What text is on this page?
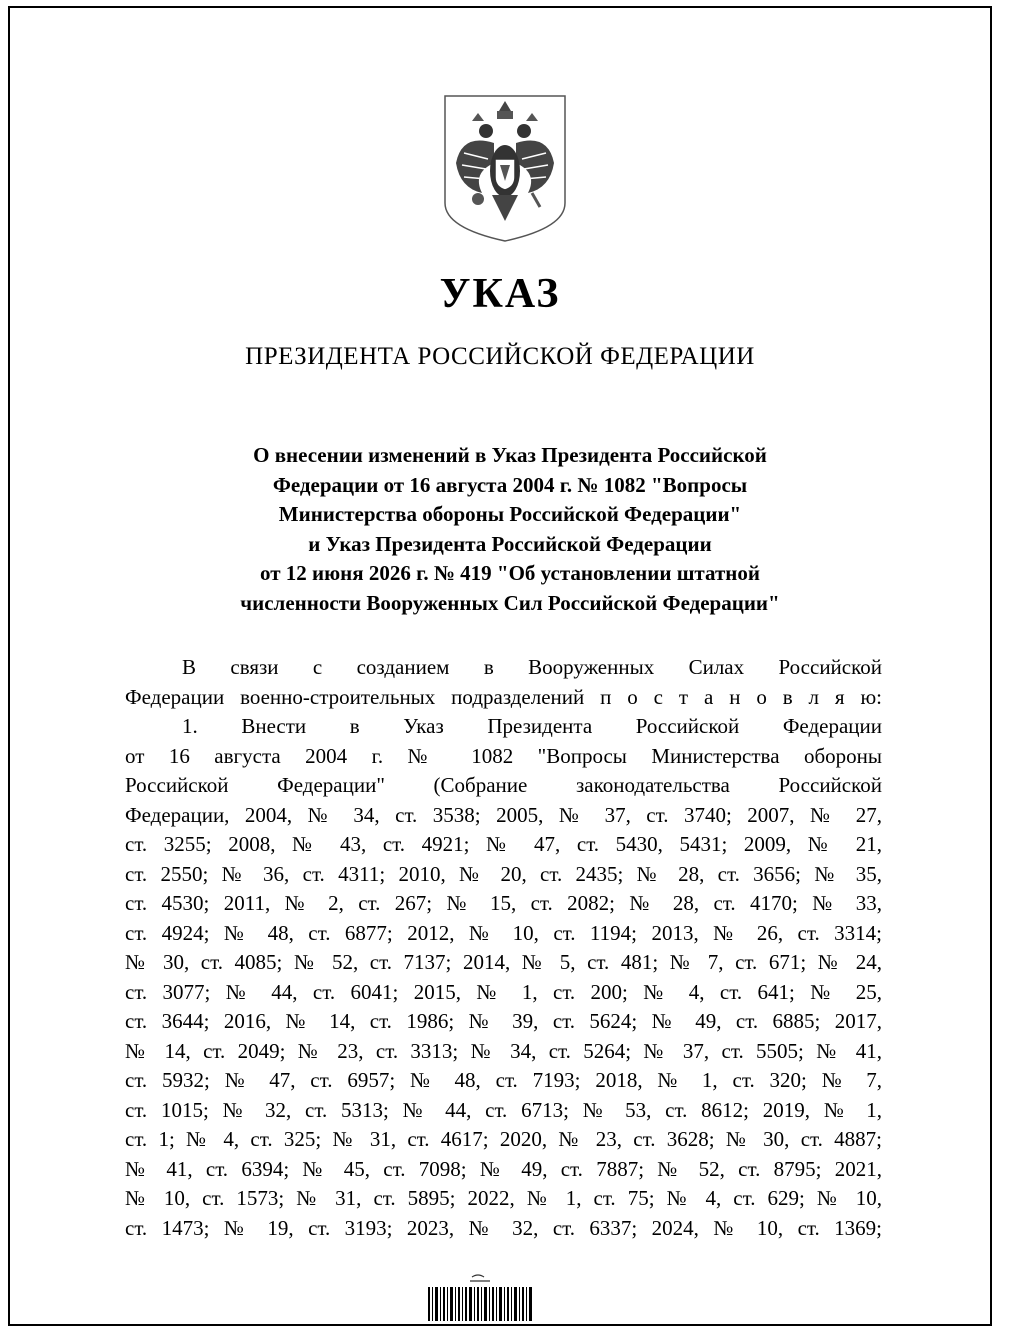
УКАЗ
ПРЕЗИДЕНТА РОССИЙСКОЙ ФЕДЕРАЦИИ
О внесении изменений в Указ Президента Российской
Федерации от 16 августа 2004 г. № 1082 "Вопросы
Министерства обороны Российской Федерации"
и Указ Президента Российской Федерации
от 12 июня 2026 г. № 419 "Об установлении штатной
численности Вооруженных Сил Российской Федерации"
В связи с созданием в Вооруженных Силах Российской
Федерации военно-строительных подразделений п о с т а н о в л я ю:
1. Внести в Указ Президента Российской Федерации
от 16 августа 2004 г. № 1082 "Вопросы Министерства обороны
Российской Федерации" (Собрание законодательства Российской
Федерации, 2004, № 34, ст. 3538; 2005, № 37, ст. 3740; 2007, № 27,
ст. 3255; 2008, № 43, ст. 4921; № 47, ст. 5430, 5431; 2009, № 21,
ст. 2550; № 36, ст. 4311; 2010, № 20, ст. 2435; № 28, ст. 3656; № 35,
ст. 4530; 2011, № 2, ст. 267; № 15, ст. 2082; № 28, ст. 4170; № 33,
ст. 4924; № 48, ст. 6877; 2012, № 10, ст. 1194; 2013, № 26, ст. 3314;
№ 30, ст. 4085; № 52, ст. 7137; 2014, № 5, ст. 481; № 7, ст. 671; № 24,
ст. 3077; № 44, ст. 6041; 2015, № 1, ст. 200; № 4, ст. 641; № 25,
ст. 3644; 2016, № 14, ст. 1986; № 39, ст. 5624; № 49, ст. 6885; 2017,
№ 14, ст. 2049; № 23, ст. 3313; № 34, ст. 5264; № 37, ст. 5505; № 41,
ст. 5932; № 47, ст. 6957; № 48, ст. 7193; 2018, № 1, ст. 320; № 7,
ст. 1015; № 32, ст. 5313; № 44, ст. 6713; № 53, ст. 8612; 2019, № 1,
ст. 1; № 4, ст. 325; № 31, ст. 4617; 2020, № 23, ст. 3628; № 30, ст. 4887;
№ 41, ст. 6394; № 45, ст. 7098; № 49, ст. 7887; № 52, ст. 8795; 2021,
№ 10, ст. 1573; № 31, ст. 5895; 2022, № 1, ст. 75; № 4, ст. 629; № 10,
ст. 1473; № 19, ст. 3193; 2023, № 32, ст. 6337; 2024, № 10, ст. 1369;
